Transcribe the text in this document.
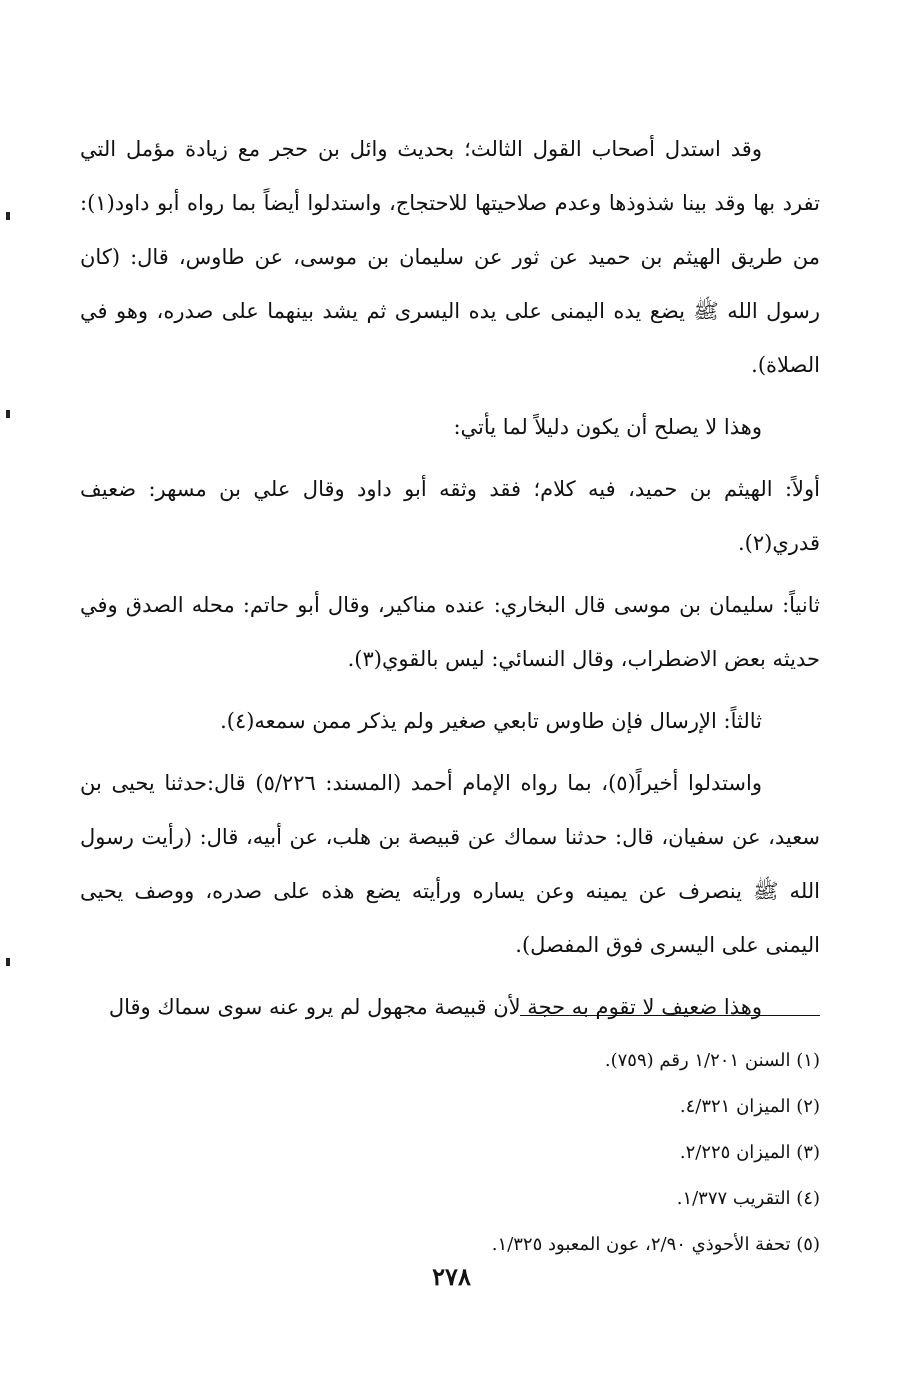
وقد استدل أصحاب القول الثالث؛ بحديث وائل بن حجر مع زيادة مؤمل التي تفرد بها وقد بينا شذوذها وعدم صلاحيتها للاحتجاج، واستدلوا أيضاً بما رواه أبو داود(١): من طريق الهيثم بن حميد عن ثور عن سليمان بن موسى، عن طاوس، قال: (كان رسول الله ﷺ يضع يده اليمنى على يده اليسرى ثم يشد بينهما على صدره، وهو في الصلاة).

وهذا لا يصلح أن يكون دليلاً لما يأتي:

أولاً: الهيثم بن حميد، فيه كلام؛ فقد وثقه أبو داود وقال علي بن مسهر: ضعيف قدري(٢).

ثانياً: سليمان بن موسى قال البخاري: عنده مناكير، وقال أبو حاتم: محله الصدق وفي حديثه بعض الاضطراب، وقال النسائي: ليس بالقوي(٣).

ثالثاً: الإرسال فإن طاوس تابعي صغير ولم يذكر ممن سمعه(٤).

واستدلوا أخيراً(٥)، بما رواه الإمام أحمد (المسند: ٥/٢٢٦) قال:حدثنا يحيى بن سعيد، عن سفيان، قال: حدثنا سماك عن قبيصة بن هلب، عن أبيه، قال: (رأيت رسول الله ﷺ ينصرف عن يمينه وعن يساره ورأيته يضع هذه على صدره، ووصف يحيى اليمنى على اليسرى فوق المفصل).

وهذا ضعيف لا تقوم به حجة لأن قبيصة مجهول لم يرو عنه سوى سماك وقال

(١) السنن ١/٢٠١ رقم (٧٥٩).

(٢) الميزان ٤/٣٢١.

(٣) الميزان ٢/٢٢٥.

(٤) التقريب ١/٣٧٧.

(٥) تحفة الأحوذي ٢/٩٠، عون المعبود ١/٣٢٥.

٢٧٨
